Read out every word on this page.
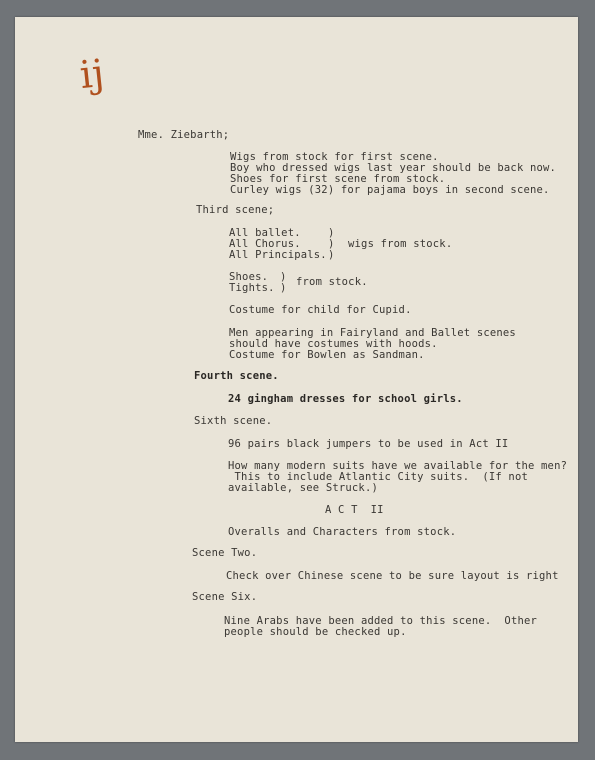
ij
Mme. Ziebarth;
Wigs from stock for first scene.
Boy who dressed wigs last year should be back now.
Shoes for first scene from stock.
Curley wigs (32) for pajama boys in second scene.
Third scene;
All ballet.
All Chorus.
All Principals.
)
)
)
wigs from stock.
Shoes.
Tights.
)
) from stock.
Costume for child for Cupid.
Men appearing in Fairyland and Ballet scenes
should have costumes with hoods.
Costume for Bowlen as Sandman.
Fourth scene.
24 gingham dresses for school girls.
Sixth scene.
96 pairs black jumpers to be used in Act II
How many modern suits have we available for the men?
This to include Atlantic City suits.  (If not
available, see Struck.)
A C T  II
Overalls and Characters from stock.
Scene Two.
Check over Chinese scene to be sure layout is right
Scene Six.
Nine Arabs have been added to this scene.  Other
people should be checked up.
